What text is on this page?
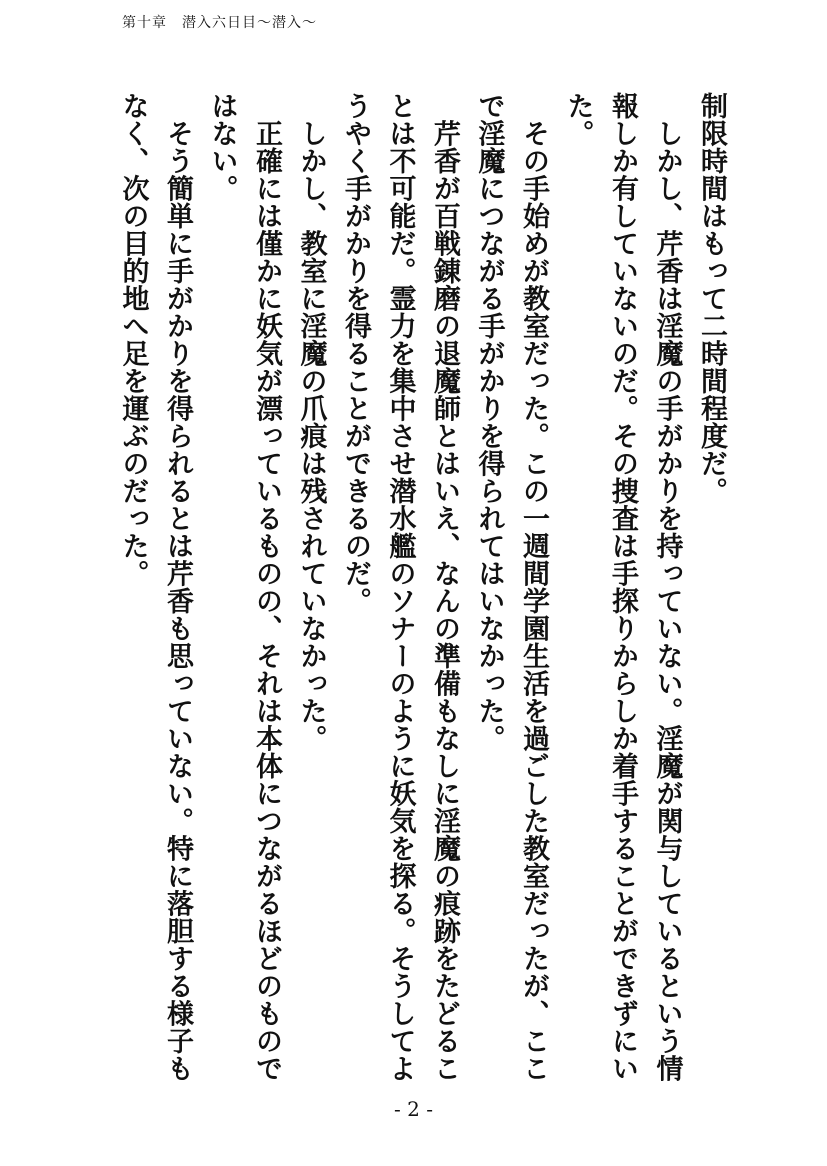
第十章　潜入六日目～潜入～

制限時間はもって二時間程度だ。

　しかし、芹香は淫魔の手がかりを持っていない。淫魔が関与しているという情報しか有していないのだ。その捜査は手探りからしか着手することができずにいた。

　その手始めが教室だった。この一週間学園生活を過ごした教室だったが、ここで淫魔につながる手がかりを得られてはいなかった。

　芹香が百戦錬磨の退魔師とはいえ、なんの準備もなしに淫魔の痕跡をたどることは不可能だ。霊力を集中させ潜水艦のソナーのように妖気を探る。そうしてようやく手がかりを得ることができるのだ。

　しかし、教室に淫魔の爪痕は残されていなかった。

　正確には僅かに妖気が漂っているものの、それは本体につながるほどのものではない。

　そう簡単に手がかりを得られるとは芹香も思っていない。特に落胆する様子もなく、次の目的地へ足を運ぶのだった。

- 2 -
